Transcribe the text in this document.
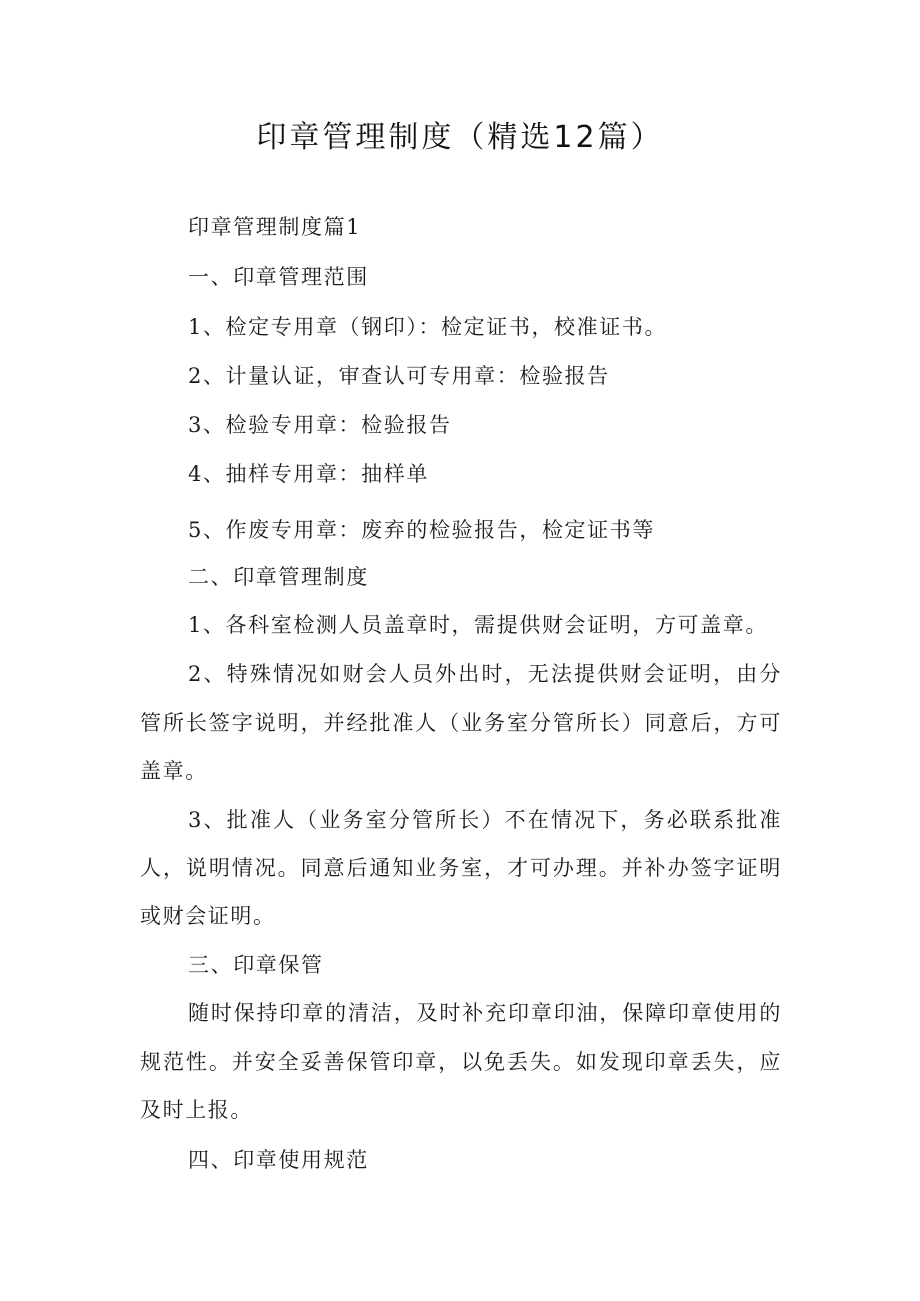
印章管理制度（精选12篇）
印章管理制度篇1
一、印章管理范围
1、检定专用章（钢印）：检定证书，校准证书。
2、计量认证，审查认可专用章：检验报告
3、检验专用章：检验报告
4、抽样专用章：抽样单
5、作废专用章：废弃的检验报告，检定证书等
二、印章管理制度
1、各科室检测人员盖章时，需提供财会证明，方可盖章。
2、特殊情况如财会人员外出时，无法提供财会证明，由分
管所长签字说明，并经批准人（业务室分管所长）同意后，方可
盖章。
3、批准人（业务室分管所长）不在情况下，务必联系批准
人，说明情况。同意后通知业务室，才可办理。并补办签字证明
或财会证明。
三、印章保管
随时保持印章的清洁，及时补充印章印油，保障印章使用的
规范性。并安全妥善保管印章，以免丢失。如发现印章丢失，应
及时上报。
四、印章使用规范
